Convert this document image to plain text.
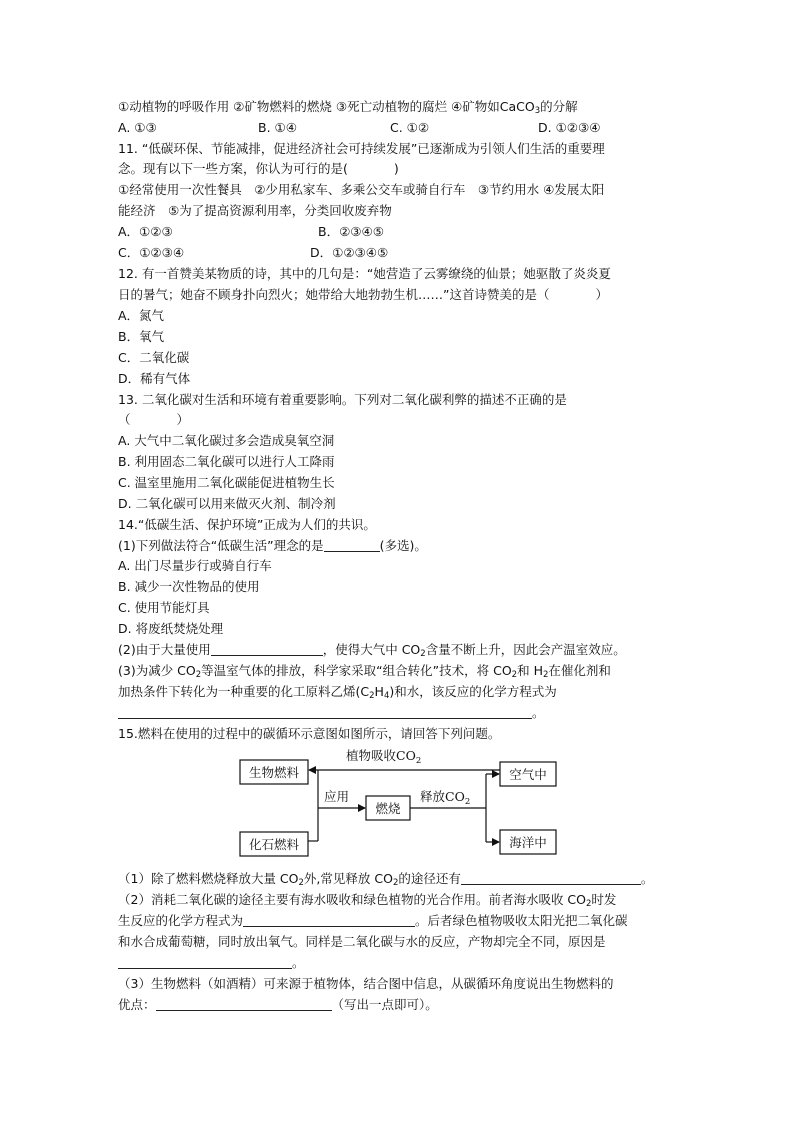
①动植物的呼吸作用 ②矿物燃料的燃烧 ③死亡动植物的腐烂 ④矿物如CaCO$_3$的分解
A. ①③	B. ①④	C. ①②	D. ①②③④
11. “低碳环保、节能减排，促进经济社会可持续发展”已逐渐成为引领人们生活的重要理
念。现有以下一些方案，你认为可行的是(	)
①经常使用一次性餐具　②少用私家车、多乘公交车或骑自行车　③节约用水 ④发展太阳
能经济　⑤为了提高资源利用率，分类回收废弃物
A．①②③	B．②③④⑤
C．①②③④	D．①②③④⑤
12. 有一首赞美某物质的诗，其中的几句是：“她营造了云雾缭绕的仙景；她驱散了炎炎夏
日的暑气；她奋不顾身扑向烈火；她带给大地勃勃生机……”这首诗赞美的是（	）
A．氮气
B．氧气
C．二氧化碳
D．稀有气体
13. 二氧化碳对生活和环境有着重要影响。下列对二氧化碳利弊的描述不正确的是
（	）
A. 大气中二氧化碳过多会造成臭氧空洞
B. 利用固态二氧化碳可以进行人工降雨
C. 温室里施用二氧化碳能促进植物生长
D. 二氧化碳可以用来做灭火剂、制冷剂
14.“低碳生活、保护环境”正成为人们的共识。
(1)下列做法符合“低碳生活”理念的是	(多选)。
A. 出门尽量步行或骑自行车
B. 减少一次性物品的使用
C. 使用节能灯具
D. 将废纸焚烧处理
(2)由于大量使用	，使得大气中 $CO_2$含量不断上升，因此会产温室效应。
(3)为减少 $CO_2$等温室气体的排放，科学家采取“组合转化”技术，将 $CO_2$和 $H_2$在催化剂和
加热条件下转化为一种重要的化工原料乙烯$(C_2H_4)$和水，该反应的化学方程式为
。
15.燃料在使用的过程中的碳循环示意图如图所示，请回答下列问题。
生物燃料
化石燃料
燃烧
空气中
海洋中
植物吸收$CO_2$
应用	释放$CO_2$
（1）除了燃料燃烧释放大量 $CO_2$外,常见释放 $CO_2$的途径还有	。
（2）消耗二氧化碳的途径主要有海水吸收和绿色植物的光合作用。前者海水吸收 $CO_2$时发
生反应的化学方程式为	。后者绿色植物吸收太阳光把二氧化碳
和水合成葡萄糖，同时放出氧气。同样是二氧化碳与水的反应，产物却完全不同，原因是
。
（3）生物燃料（如酒精）可来源于植物体，结合图中信息，从碳循环角度说出生物燃料的
优点：	（写出一点即可）。
